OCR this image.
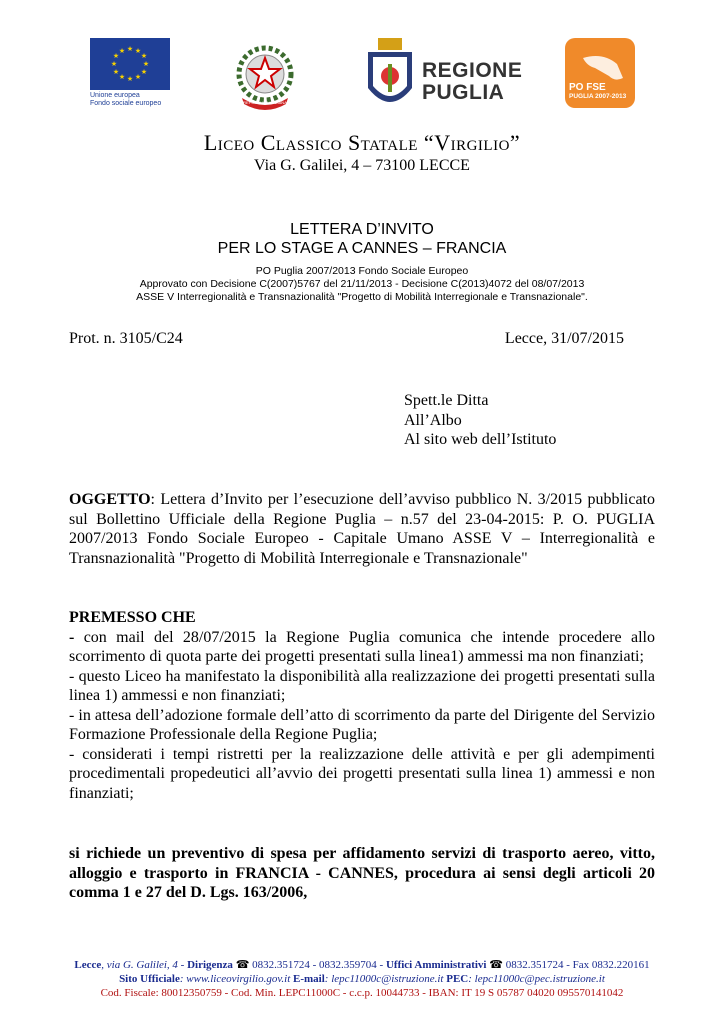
★ ★
★
★
★
★
★
★
★
★
★
★
Unione europea
Fondo sociale europeo	REPUBBLICA ITALIANA
REGIONE
PUGLIA	PO FSE
PUGLIA 2007-2013
Liceo Classico Statale “Virgilio”
Via G. Galilei, 4 – 73100 LECCE
LETTERA D’INVITO
PER LO STAGE A CANNES – FRANCIA
PO Puglia 2007/2013 Fondo Sociale Europeo
Approvato con Decisione C(2007)5767 del 21/11/2013 - Decisione C(2013)4072 del 08/07/2013
ASSE V Interregionalità e Transnazionalità "Progetto di Mobilità Interregionale e Transnazionale".
Prot. n. 3105/C24	Lecce, 31/07/2015
Spett.le Ditta
All’Albo
Al sito web dell’Istituto
OGGETTO: Lettera d’Invito per l’esecuzione dell’avviso pubblico N. 3/2015 pubblicato sul Bollettino Ufficiale della Regione Puglia – n.57 del 23-04-2015: P. O. PUGLIA 2007/2013 Fondo Sociale Europeo - Capitale Umano ASSE V – Interregionalità e Transnazionalità "Progetto di Mobilità Interregionale e Transnazionale"
PREMESSO CHE
- con mail del 28/07/2015 la Regione Puglia comunica che intende procedere allo scorrimento di quota parte dei progetti presentati sulla linea1) ammessi ma non finanziati;
- questo Liceo ha manifestato la disponibilità alla realizzazione dei progetti presentati sulla linea 1) ammessi e non finanziati;
- in attesa dell’adozione formale dell’atto di scorrimento da parte del Dirigente del Servizio Formazione Professionale della Regione Puglia;
- considerati i tempi ristretti per la realizzazione delle attività e per gli adempimenti procedimentali propedeutici all’avvio dei progetti presentati sulla linea 1) ammessi e non finanziati;
si richiede un preventivo di spesa per affidamento servizi di trasporto aereo, vitto, alloggio e trasporto in FRANCIA - CANNES, procedura ai sensi degli articoli 20 comma 1 e 27 del D. Lgs. 163/2006,
Lecce, via G. Galilei, 4 - Dirigenza ☎ 0832.351724 - 0832.359704 - Uffici Amministrativi ☎ 0832.351724 - Fax 0832.220161
Sito Ufficiale: www.liceovirgilio.gov.it E-mail: lepc11000c@istruzione.it PEC: lepc11000c@pec.istruzione.it
Cod. Fiscale: 80012350759 - Cod. Min. LEPC11000C - c.c.p. 10044733 - IBAN: IT 19 S 05787 04020 095570141042
